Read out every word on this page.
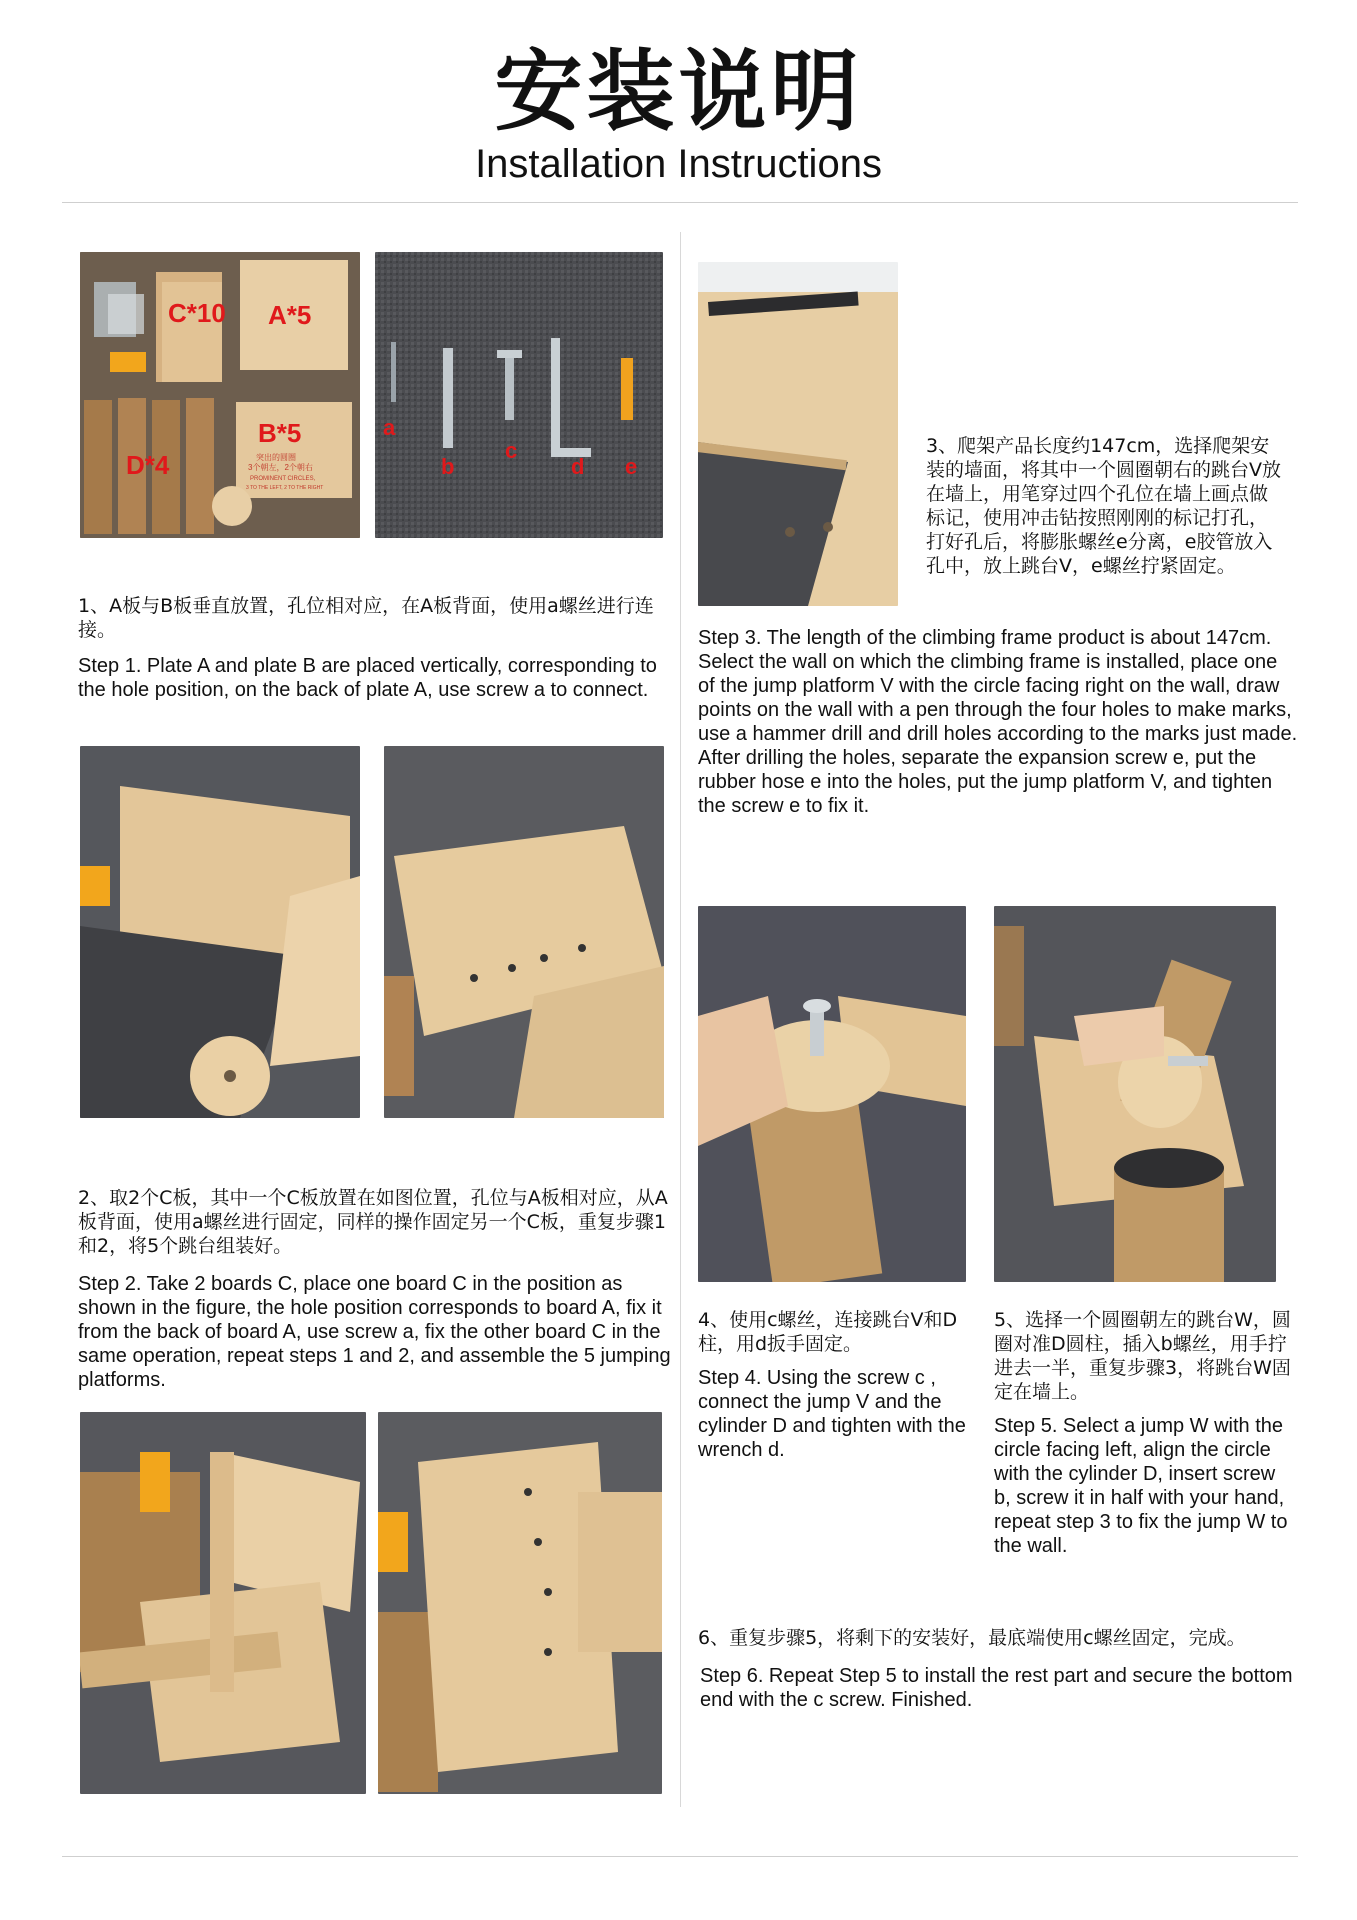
安装说明
Installation Instructions
C*10 A*5
B*5
D*4	突出的圆圈
3个朝左，2个朝右
PROMINENT CIRCLES,
3 TO THE LEFT, 2 TO THE RIGHT
a
b
c
d e
1、A板与B板垂直放置，孔位相对应，在A板背面，使用a螺丝进行连接。
Step 1. Plate A and plate B are placed vertically, corresponding to the hole position, on the back of plate A, use screw a to connect.
2、取2个C板，其中一个C板放置在如图位置，孔位与A板相对应，从A板背面，使用a螺丝进行固定，同样的操作固定另一个C板，重复步骤1和2，将5个跳台组装好。
Step 2. Take 2 boards C, place one board C in the position as shown in the figure, the hole position corresponds to board A, fix it from the back of board A, use screw a, fix the other board C in the same operation, repeat steps 1 and 2, and assemble the 5 jumping platforms.
3、爬架产品长度约147cm，选择爬架安装的墙面，将其中一个圆圈朝右的跳台V放在墙上，用笔穿过四个孔位在墙上画点做标记，使用冲击钻按照刚刚的标记打孔，打好孔后，将膨胀螺丝e分离，e胶管放入孔中，放上跳台V，e螺丝拧紧固定。
Step 3. The length of the climbing frame product is about 147cm. Select the wall on which the climbing frame is installed, place one of the jump platform V with the circle facing right on the wall, draw points on the wall with a pen through the four holes to make marks, use a hammer drill and drill holes according to the marks just made. After drilling the holes, separate the expansion screw e, put the rubber hose e into the holes, put the jump platform V, and tighten the screw e to fix it.
4、使用c螺丝，连接跳台V和D柱，用d扳手固定。
Step 4. Using the screw c , connect the jump V and the cylinder D and tighten with the wrench d.
5、选择一个圆圈朝左的跳台W，圆圈对准D圆柱，插入b螺丝，用手拧进去一半，重复步骤3，将跳台W固定在墙上。
Step 5. Select a jump W with the circle facing left, align the circle with the cylinder D, insert screw b, screw it in half with your hand, repeat step 3 to fix the jump W to the wall.
6、重复步骤5，将剩下的安装好，最底端使用c螺丝固定，完成。
Step 6. Repeat Step 5 to install the rest part and secure the bottom end with the c screw. Finished.
